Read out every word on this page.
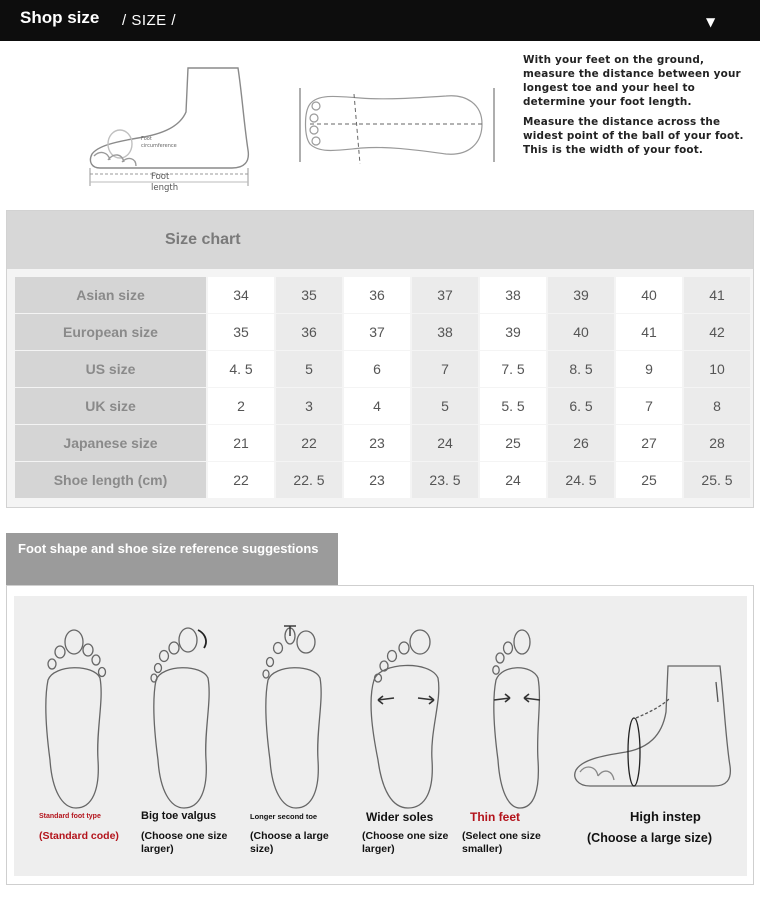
Shop size / SIZE /	▼
Foot circumference
Foot length

With your feet on the ground, measure the distance between your longest toe and your heel to determine your foot length.

Measure the distance across the widest point of the ball of your foot. This is the width of your foot.

Size chart
Asian size	34	35	36	37	38	39	40	41
European size	35	36	37	38	39	40	41	42
US size	4. 5	5	6	7	7. 5	8. 5	9	10
UK size	2	3	4	5	5. 5	6. 5	7	8
Japanese size	21	22	23	24	25	26	27	28
Shoe length (cm)	22	22. 5	23	23. 5	24	24. 5	25	25. 5
Foot shape and shoe size reference suggestions
Standard foot type
(Standard code)
Big toe valgus
(Choose one size larger)
Longer second toe
(Choose a large size)
Wider soles
(Choose one size larger)
Thin feet
(Select one size smaller)
High instep
(Choose a large size)
